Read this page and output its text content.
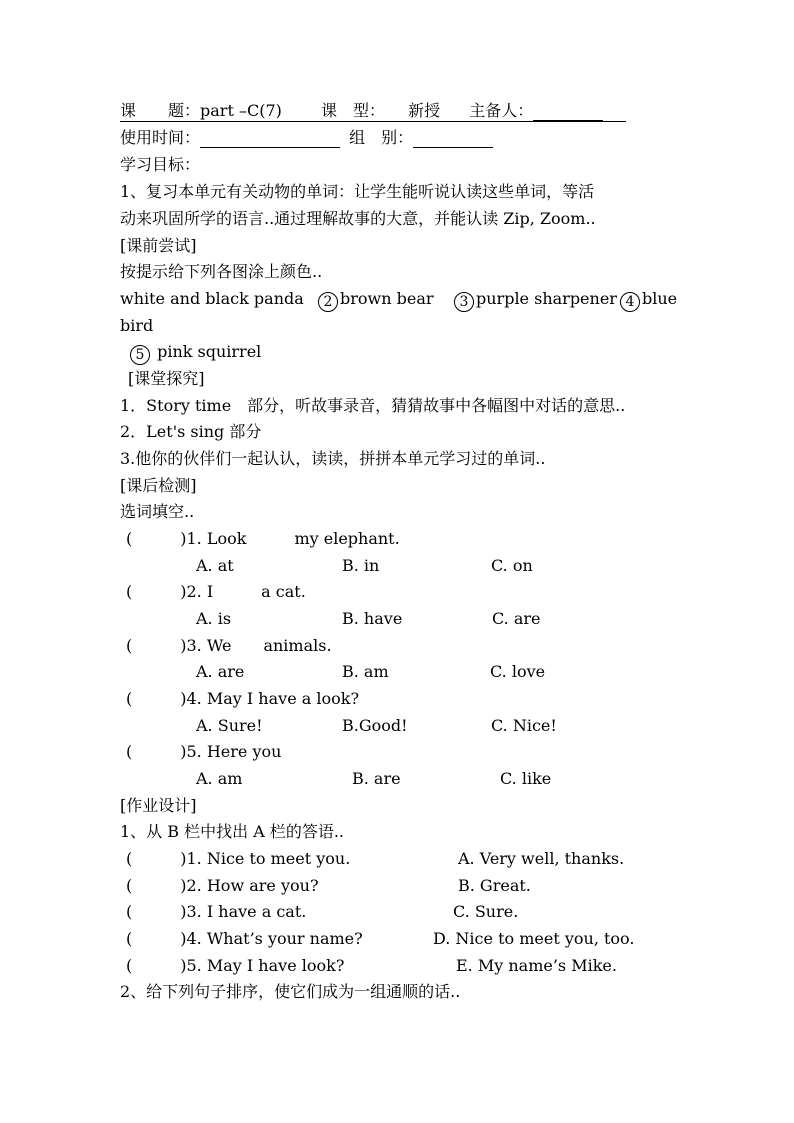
课　　题：part –C(7) 课　型： 新授 主备人：
使用时间：	组　别：
学习目标：
1、复习本单元有关动物的单词：让学生能听说认读这些单词，等活
动来巩固所学的语言..通过理解故事的大意，并能认读 Zip, Zoom..
[课前尝试]
按提示给下列各图涂上颜色..
white and black panda	2 brown bear	3 purple sharpener 4 blue
bird
5 pink squirrel
[课堂探究]
1．Story time　部分，听故事录音，猜猜故事中各幅图中对话的意思..
2．Let's sing 部分
3.他你的伙伴们一起认认，读读，拼拼本单元学习过的单词..
[课后检测]
选词填空..
(　　　)1. Look　　　my elephant.
A. at	B. in	C. on
(　　　)2. I　　　a cat.
A. is	B. have	C. are
(　　　)3. We　　animals.
A. are	B. am	C. love
(　　　)4. May I have a look?
A. Sure!	B.Good!	C. Nice!
(　　　)5. Here you
A. am	B. are	C. like
[作业设计]
1、从 B 栏中找出 A 栏的答语..
(　　　)1. Nice to meet you.	A. Very well, thanks.
(　　　)2. How are you?	B. Great.
(　　　)3. I have a cat.	C. Sure.
(　　　)4. What’s your name?	D. Nice to meet you, too.
(　　　)5. May I have look?	E. My name’s Mike.
2、给下列句子排序，使它们成为一组通顺的话..
